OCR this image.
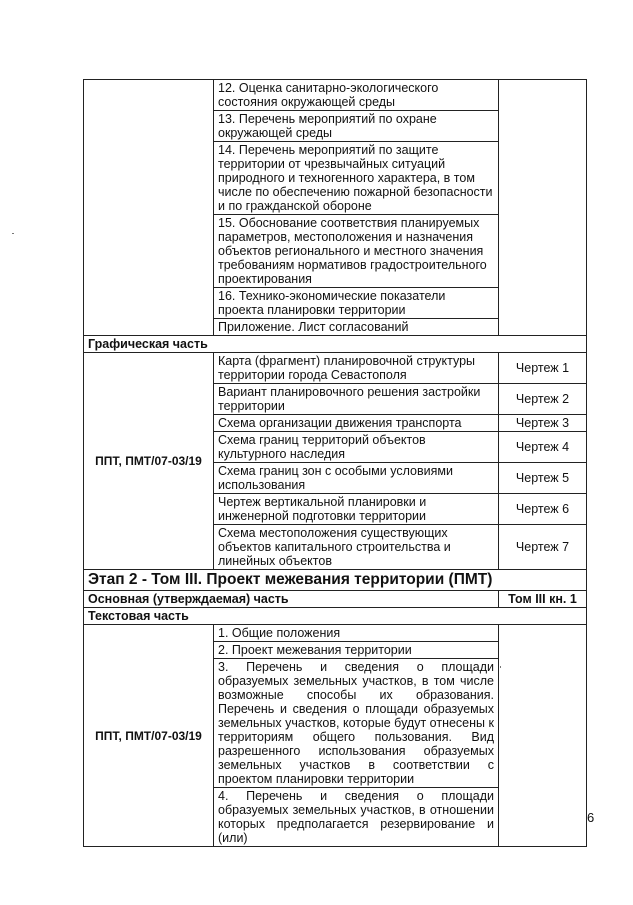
	12. Оценка санитарно-экологического состояния окружающей среды	
	13. Перечень мероприятий по охране окружающей среды	
	14. Перечень мероприятий по защите территории от чрезвычайных ситуаций природного и техногенного характера, в том числе по обеспечению пожарной безопасности и по гражданской обороне	
	15. Обоснование соответствия планируемых параметров, местоположения и назначения объектов регионального и местного значения требованиям нормативов градостроительного проектирования	
	16. Технико-экономические показатели проекта планировки территории	
	Приложение. Лист согласований	
Графическая часть		
ППТ, ПМТ/07-03/19	Карта (фрагмент) планировочной структуры территории города Севастополя	Чертеж 1
	Вариант планировочного решения застройки территории	Чертеж 2
	Схема организации движения транспорта	Чертеж 3
	Схема границ территорий объектов культурного наследия	Чертеж 4
	Схема границ зон с особыми условиями использования	Чертеж 5
	Чертеж вертикальной планировки и инженерной подготовки территории	Чертеж 6
	Схема местоположения существующих объектов капитального строительства и линейных объектов	Чертеж 7
Этап 2 - Том III. Проект межевания территории (ПМТ)		
Основная (утверждаемая) часть		Том III кн. 1
Текстовая часть		
ППТ, ПМТ/07-03/19	1. Общие положения	
	2. Проект межевания территории	
	3. Перечень и сведения о площади образуемых земельных участков, в том числе возможные способы их образования. Перечень и сведения о площади образуемых земельных участков, которые будут отнесены к территориям общего пользования. Вид разрешенного использования образуемых земельных участков в соответствии с проектом планировки территории	
	4. Перечень и сведения о площади образуемых земельных участков, в отношении которых предполагается резервирование и (или)	
6
